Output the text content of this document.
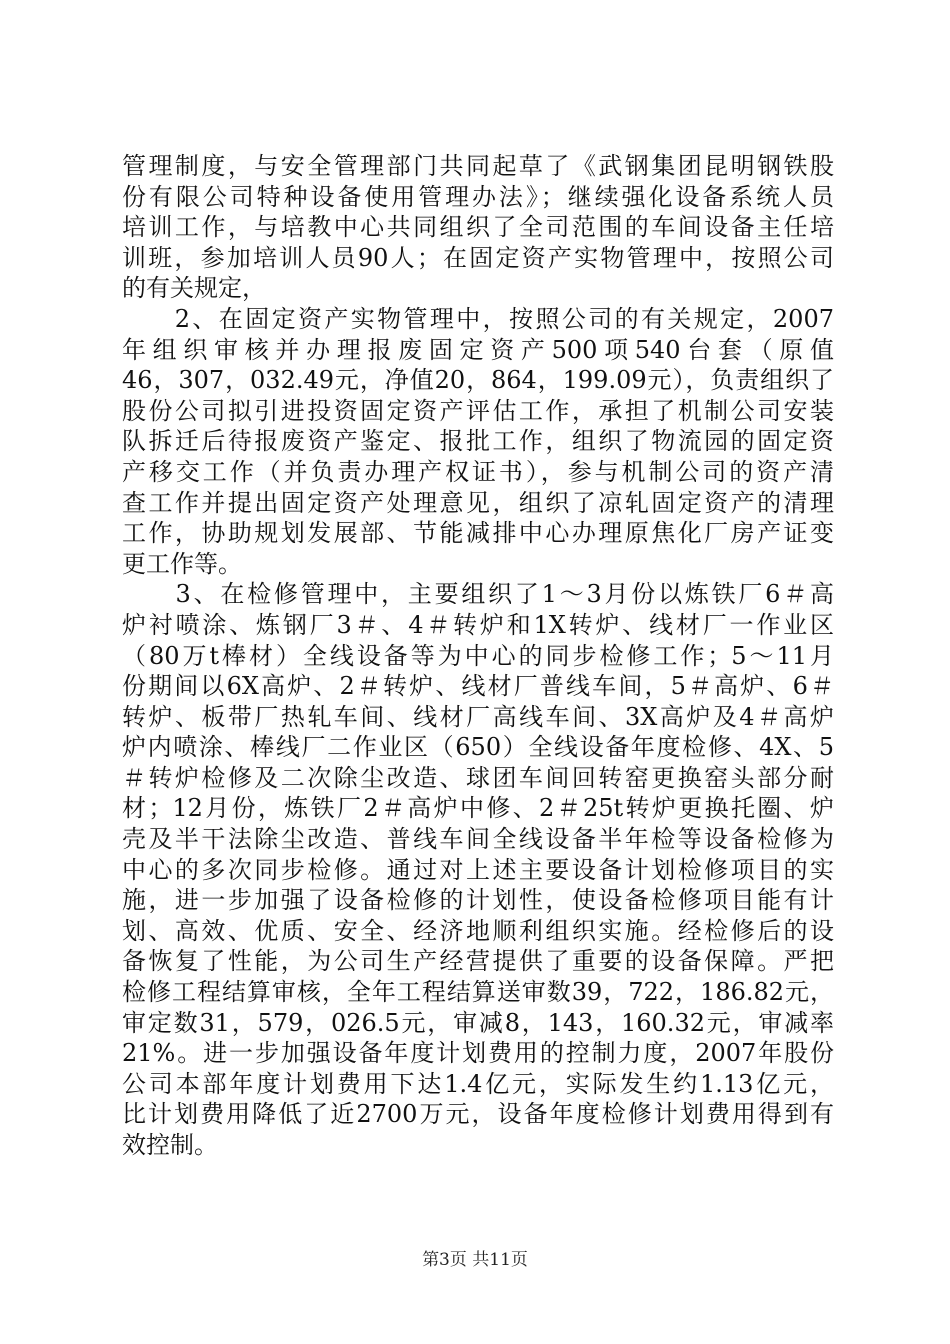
管理制度，与安全管理部门共同起草了《武钢集团昆明钢铁股
份有限公司特种设备使用管理办法》；继续强化设备系统人员
培训工作，与培教中心共同组织了全司范围的车间设备主任培
训班，参加培训人员90人；在固定资产实物管理中，按照公司
的有关规定，
　　2、在固定资产实物管理中，按照公司的有关规定，2007
年组织审核并办理报废固定资产500项540台套（原值
46，307，032.49元，净值20，864，199.09元），负责组织了
股份公司拟引进投资固定资产评估工作，承担了机制公司安装
队拆迁后待报废资产鉴定、报批工作，组织了物流园的固定资
产移交工作（并负责办理产权证书），参与机制公司的资产清
查工作并提出固定资产处理意见，组织了凉轧固定资产的清理
工作，协助规划发展部、节能减排中心办理原焦化厂房产证变
更工作等。
　　3、在检修管理中，主要组织了1～3月份以炼铁厂6＃高
炉衬喷涂、炼钢厂3＃、4＃转炉和1X转炉、线材厂一作业区
（80万t棒材）全线设备等为中心的同步检修工作；5～11月
份期间以6X高炉、2＃转炉、线材厂普线车间，5＃高炉、6＃
转炉、板带厂热轧车间、线材厂高线车间、3X高炉及4＃高炉
炉内喷涂、棒线厂二作业区（650）全线设备年度检修、4X、5
＃转炉检修及二次除尘改造、球团车间回转窑更换窑头部分耐
材；12月份，炼铁厂2＃高炉中修、2＃25t转炉更换托圈、炉
壳及半干法除尘改造、普线车间全线设备半年检等设备检修为
中心的多次同步检修。通过对上述主要设备计划检修项目的实
施，进一步加强了设备检修的计划性，使设备检修项目能有计
划、高效、优质、安全、经济地顺利组织实施。经检修后的设
备恢复了性能，为公司生产经营提供了重要的设备保障。严把
检修工程结算审核，全年工程结算送审数39，722，186.82元，
审定数31，579，026.5元，审减8，143，160.32元，审减率
21%。进一步加强设备年度计划费用的控制力度，2007年股份
公司本部年度计划费用下达1.4亿元，实际发生约1.13亿元，
比计划费用降低了近2700万元，设备年度检修计划费用得到有
效控制。
第3页 共11页
